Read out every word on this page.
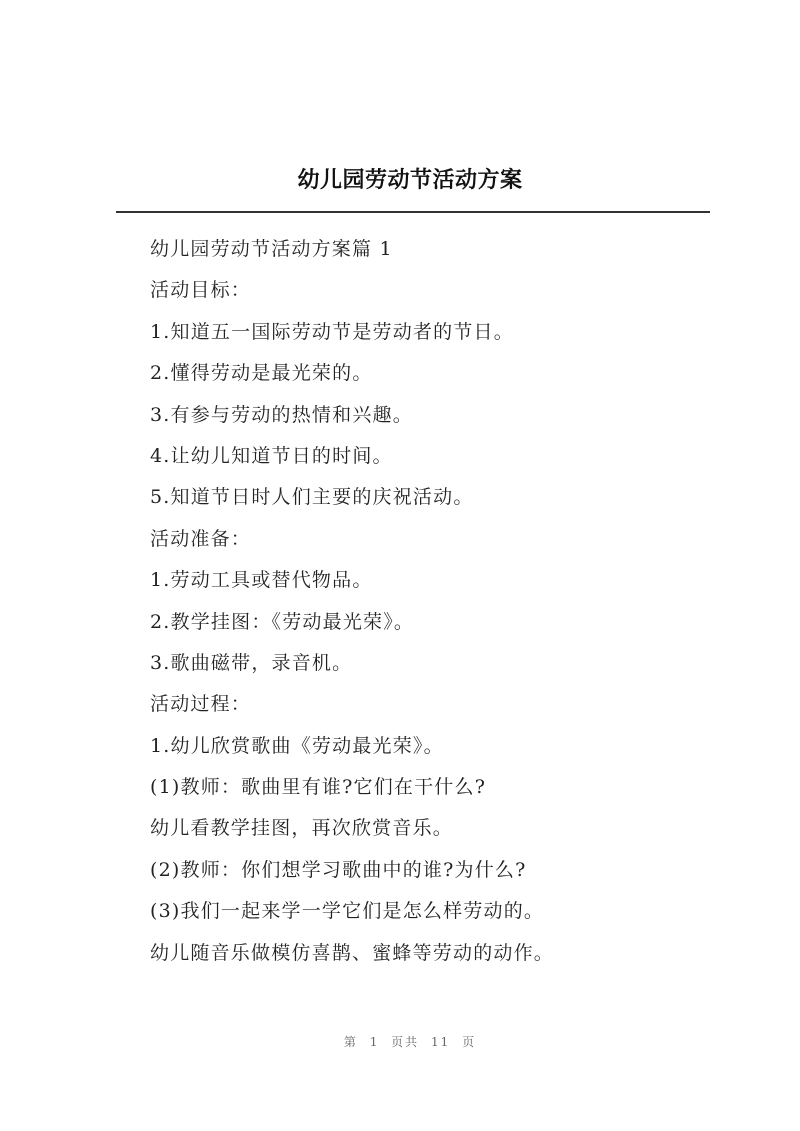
幼儿园劳动节活动方案
幼儿园劳动节活动方案篇 1
活动目标：
1.知道五一国际劳动节是劳动者的节日。
2.懂得劳动是最光荣的。
3.有参与劳动的热情和兴趣。
4.让幼儿知道节日的时间。
5.知道节日时人们主要的庆祝活动。
活动准备：
1.劳动工具或替代物品。
2.教学挂图：《劳动最光荣》。
3.歌曲磁带，录音机。
活动过程：
1.幼儿欣赏歌曲《劳动最光荣》。
(1)教师：歌曲里有谁?它们在干什么?
幼儿看教学挂图，再次欣赏音乐。
(2)教师：你们想学习歌曲中的谁?为什么?
(3)我们一起来学一学它们是怎么样劳动的。
幼儿随音乐做模仿喜鹊、蜜蜂等劳动的动作。
第 1 页共 11 页
